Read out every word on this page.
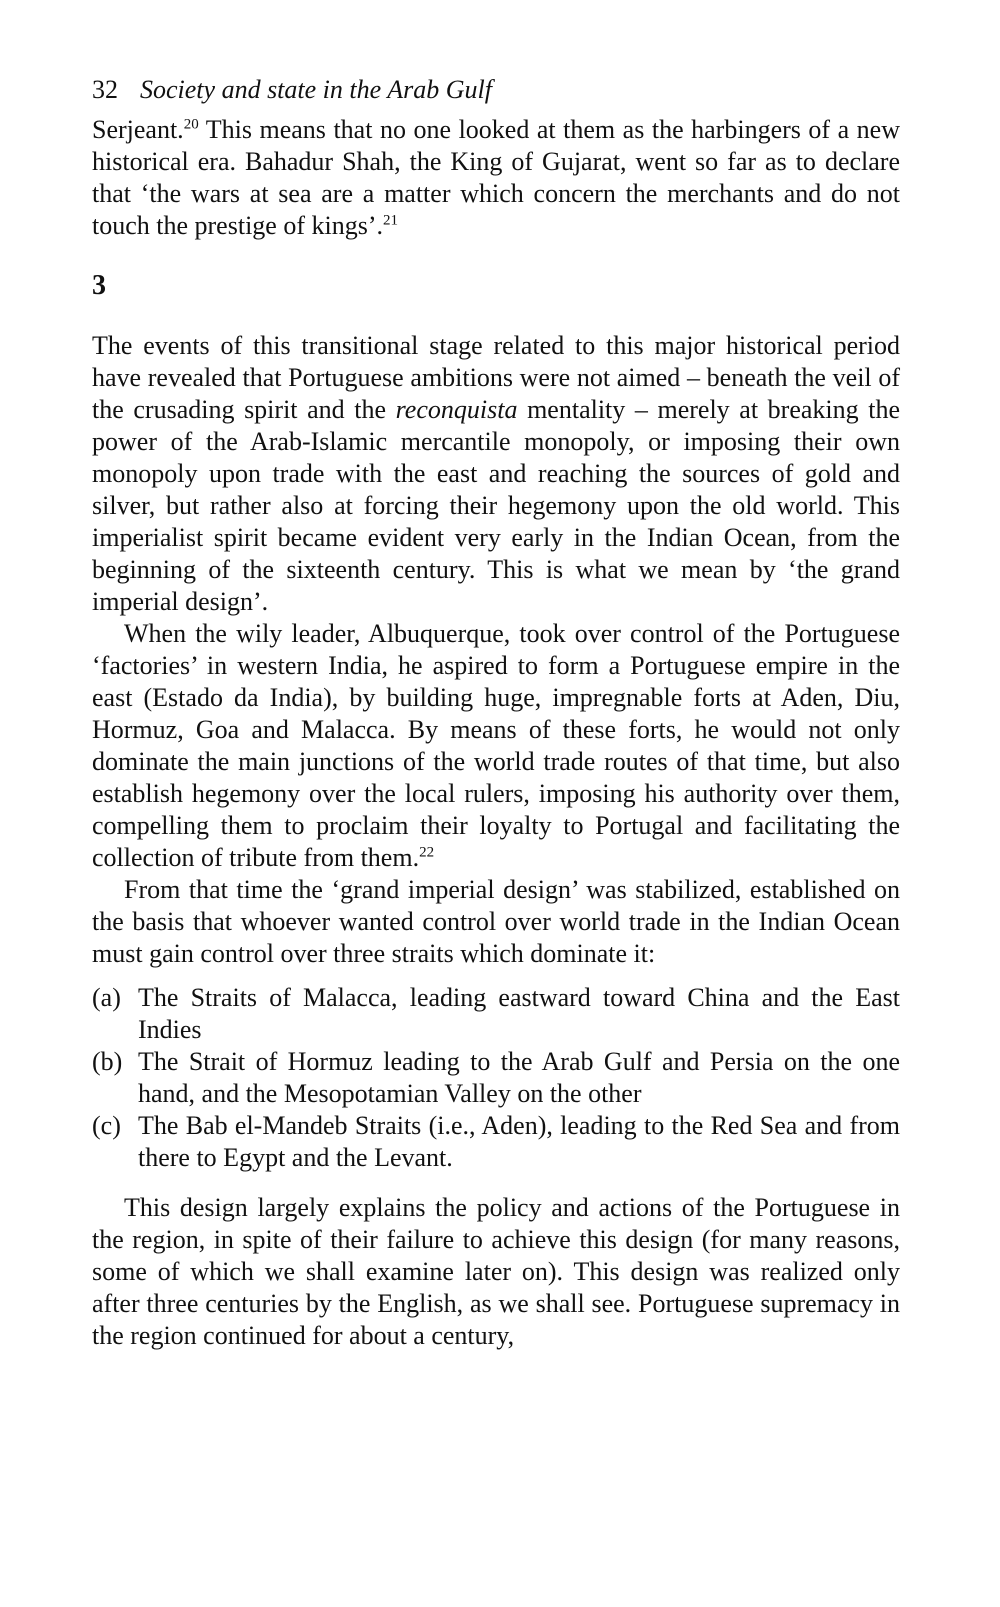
32 Society and state in the Arab Gulf

Serjeant.$^{20}$ This means that no one looked at them as the harbingers of a new historical era. Bahadur Shah, the King of Gujarat, went so far as to declare that ‘the wars at sea are a matter which concern the merchants and do not touch the prestige of kings’.$^{21}$

3

The events of this transitional stage related to this major historical period have revealed that Portuguese ambitions were not aimed – beneath the veil of the crusading spirit and the reconquista mentality – merely at breaking the power of the Arab-Islamic mercantile monopoly, or imposing their own monopoly upon trade with the east and reaching the sources of gold and silver, but rather also at forcing their hegemony upon the old world. This imperialist spirit became evident very early in the Indian Ocean, from the beginning of the sixteenth century. This is what we mean by ‘the grand imperial design’.

When the wily leader, Albuquerque, took over control of the Portuguese ‘factories’ in western India, he aspired to form a Portuguese empire in the east (Estado da India), by building huge, impregnable forts at Aden, Diu, Hormuz, Goa and Malacca. By means of these forts, he would not only dominate the main junctions of the world trade routes of that time, but also establish hegemony over the local rulers, imposing his authority over them, compelling them to proclaim their loyalty to Portugal and facilitating the collection of tribute from them.$^{22}$

From that time the ‘grand imperial design’ was stabilized, established on the basis that whoever wanted control over world trade in the Indian Ocean must gain control over three straits which dominate it:

(a) The Straits of Malacca, leading eastward toward China and the East Indies
(b) The Strait of Hormuz leading to the Arab Gulf and Persia on the one hand, and the Mesopotamian Valley on the other
(c) The Bab el-Mandeb Straits (i.e., Aden), leading to the Red Sea and from there to Egypt and the Levant.

This design largely explains the policy and actions of the Portuguese in the region, in spite of their failure to achieve this design (for many reasons, some of which we shall examine later on). This design was realized only after three centuries by the English, as we shall see. Portuguese supremacy in the region continued for about a century,
